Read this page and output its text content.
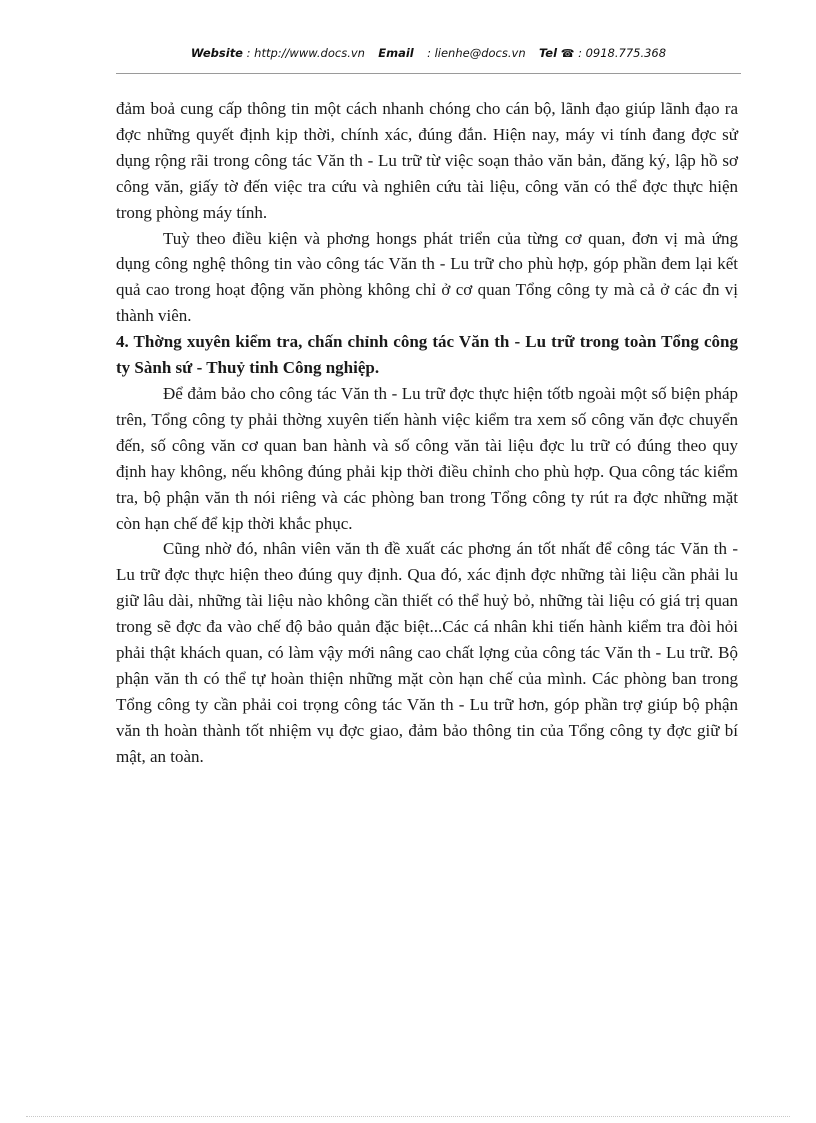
Website : http://www.docs.vn Email : lienhe@docs.vn Tel ☎ : 0918.775.368

đảm boả cung cấp thông tin một cách nhanh chóng cho cán bộ, lãnh đạo giúp lãnh đạo ra đợc những quyết định kịp thời, chính xác, đúng đắn. Hiện nay, máy vi tính đang đợc sử dụng rộng rãi trong công tác Văn th - Lu trữ từ việc soạn thảo văn bản, đăng ký, lập hồ sơ công văn, giấy tờ đến việc tra cứu và nghiên cứu tài liệu, công văn có thể đợc thực hiện trong phòng máy tính.

Tuỳ theo điều kiện và phơng hongs phát triển của từng cơ quan, đơn vị mà ứng dụng công nghệ thông tin vào công tác Văn th - Lu trữ cho phù hợp, góp phần đem lại kết quả cao trong hoạt động văn phòng không chỉ ở cơ quan Tổng công ty mà cả ở các đn vị thành viên.

4. Thờng xuyên kiểm tra, chấn chỉnh công tác Văn th - Lu trữ trong toàn Tổng công ty Sành sứ - Thuỷ tinh Công nghiệp.

Để đảm bảo cho công tác Văn th - Lu trữ đợc thực hiện tốtb ngoài một số biện pháp trên, Tổng công ty phải thờng xuyên tiến hành việc kiểm tra xem số công văn đợc chuyển đến, số công văn cơ quan ban hành và số công văn tài liệu đợc lu trữ có đúng theo quy định hay không, nếu không đúng phải kịp thời điều chỉnh cho phù hợp. Qua công tác kiểm tra, bộ phận văn th nói riêng và các phòng ban trong Tổng công ty rút ra đợc những mặt còn hạn chế để kịp thời khắc phục.

Cũng nhờ đó, nhân viên văn th đề xuất các phơng án tốt nhất để công tác Văn th - Lu trữ đợc thực hiện theo đúng quy định. Qua đó, xác định đợc những tài liệu cần phải lu giữ lâu dài, những tài liệu nào không cần thiết có thể huỷ bỏ, những tài liệu có giá trị quan trong sẽ đợc đa vào chế độ bảo quản đặc biệt...Các cá nhân khi tiến hành kiểm tra đòi hỏi phải thật khách quan, có làm vậy mới nâng cao chất lợng của công tác Văn th - Lu trữ. Bộ phận văn th có thể tự hoàn thiện những mặt còn hạn chế của mình. Các phòng ban trong Tổng công ty cần phải coi trọng công tác Văn th - Lu trữ hơn, góp phần trợ giúp bộ phận văn th hoàn thành tốt nhiệm vụ đợc giao, đảm bảo thông tin của Tổng công ty đợc giữ bí mật, an toàn.
